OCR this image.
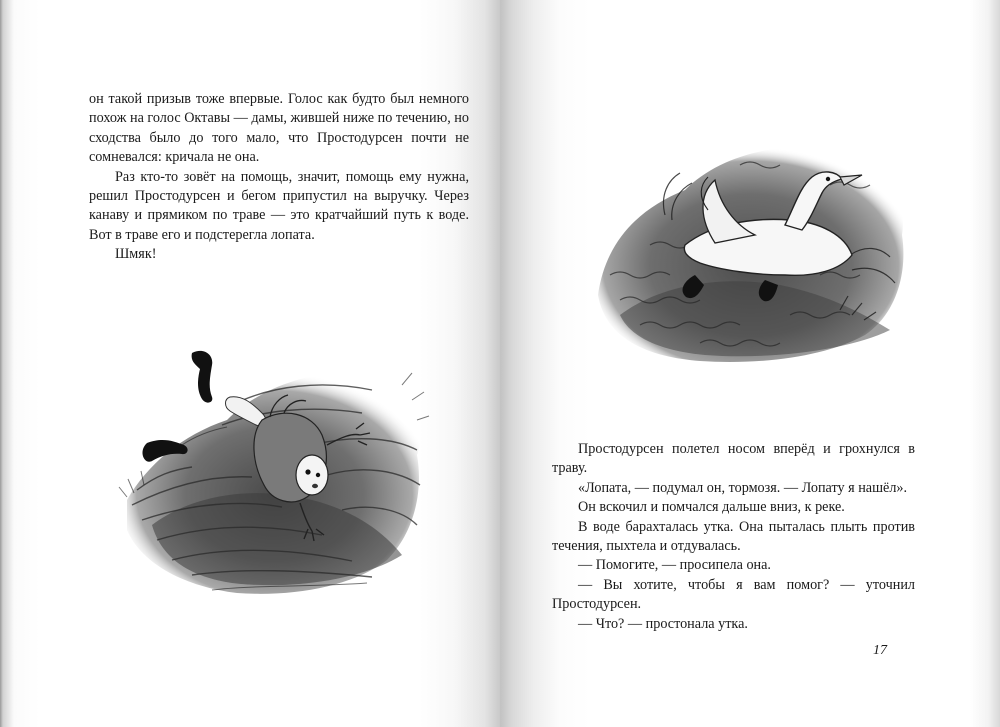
он такой призыв тоже впервые. Голос как будто был немного похож на голос Октавы — дамы, жившей ниже по течению, но сходства было до того мало, что Простодурсен почти не сомневался: кричала не она.

Раз кто-то зовёт на помощь, значит, помощь ему нужна, решил Простодурсен и бегом припустил на выручку. Через канаву и прямиком по траве — это кратчайший путь к воде. Вот в траве его и подстерегла лопата.

Шмяк!

Простодурсен полетел носом вперёд и грохнулся в траву.

«Лопата, — подумал он, тормозя. — Лопату я нашёл».

Он вскочил и помчался дальше вниз, к реке.

В воде барахталась утка. Она пыталась плыть против течения, пыхтела и отдувалась.

— Помогите, — просипела она.

— Вы хотите, чтобы я вам помог? — уточнил Простодурсен.

— Что? — простонала утка.

17
